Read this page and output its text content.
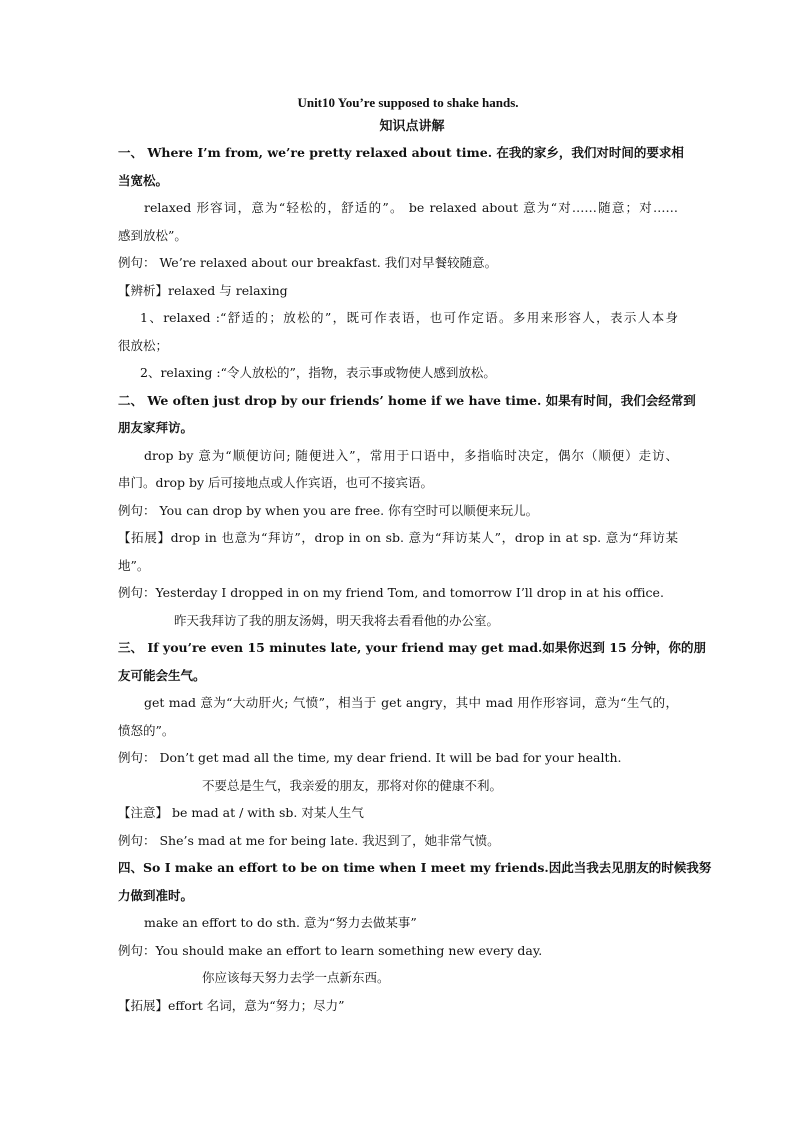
Unit10 You’re supposed to shake hands.
知识点讲解
一、 Where I’m from, we’re pretty relaxed about time. 在我的家乡，我们对时间的要求相
当宽松。
relaxed 形容词，意为“轻松的，舒适的”。 be relaxed about 意为“对……随意；对……
感到放松”。
例句： We’re relaxed about our breakfast. 我们对早餐较随意。
【辨析】relaxed 与 relaxing
1、relaxed :“舒适的；放松的”，既可作表语，也可作定语。多用来形容人，表示人本身
很放松；
2、relaxing :“令人放松的”，指物，表示事或物使人感到放松。
二、 We often just drop by our friends’ home if we have time. 如果有时间，我们会经常到
朋友家拜访。
drop by 意为“顺便访问; 随便进入”，常用于口语中，多指临时决定，偶尔（顺便）走访、
串门。drop by 后可接地点或人作宾语，也可不接宾语。
例句： You can drop by when you are free. 你有空时可以顺便来玩儿。
【拓展】drop in 也意为“拜访”，drop in on sb. 意为“拜访某人”，drop in at sp. 意为“拜访某
地”。
例句：Yesterday I dropped in on my friend Tom, and tomorrow I’ll drop in at his office.
昨天我拜访了我的朋友汤姆，明天我将去看看他的办公室。
三、 If you’re even 15 minutes late, your friend may get mad.如果你迟到 15 分钟，你的朋
友可能会生气。
get mad 意为“大动肝火; 气愤”，相当于 get angry，其中 mad 用作形容词，意为“生气的，
愤怒的”。
例句： Don’t get mad all the time, my dear friend. It will be bad for your health.
不要总是生气，我亲爱的朋友，那将对你的健康不利。
【注意】 be mad at / with sb. 对某人生气
例句： She’s mad at me for being late. 我迟到了，她非常气愤。
四、So I make an effort to be on time when I meet my friends.因此当我去见朋友的时候我努
力做到准时。
make an effort to do sth. 意为“努力去做某事”
例句：You should make an effort to learn something new every day.
你应该每天努力去学一点新东西。
【拓展】effort 名词，意为“努力；尽力”
